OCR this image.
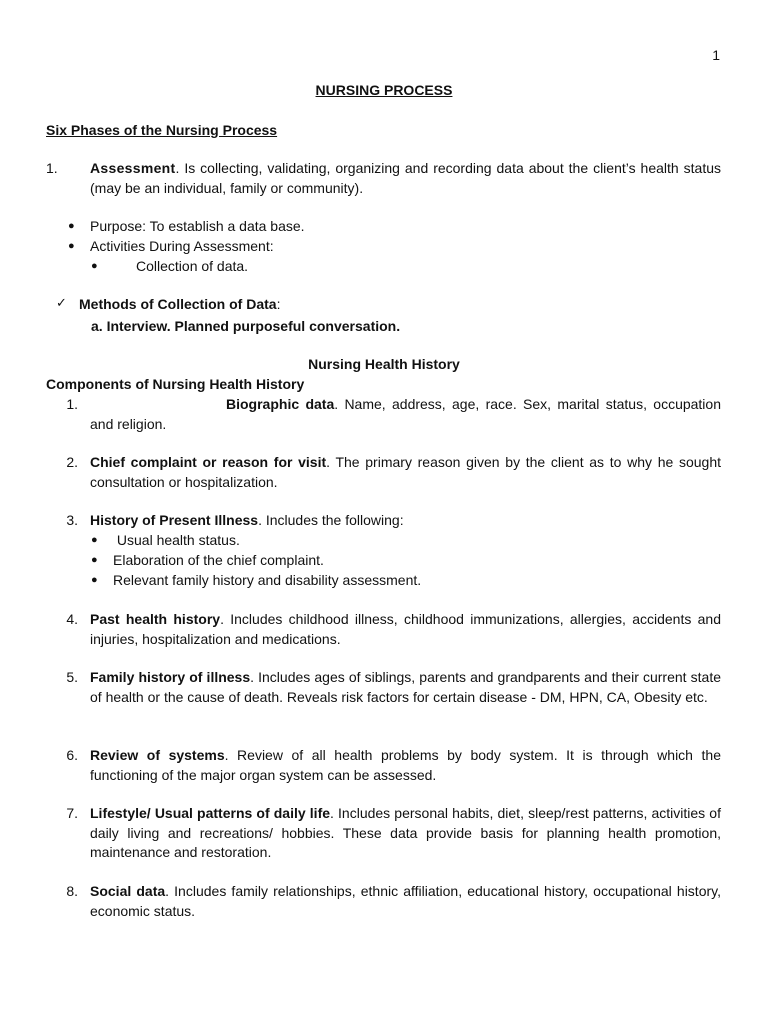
1
NURSING PROCESS
Six Phases of the Nursing Process
1.	Assessment. Is collecting, validating, organizing and recording data about the client’s health status (may be an individual, family or community).
● Purpose: To establish a data base.
● Activities During Assessment:
●	Collection of data.
✓ Methods of Collection of Data:
a. Interview. Planned purposeful conversation.
Nursing Health History
Components of Nursing Health History
1.	Biographic data. Name, address, age, race. Sex, marital status, occupation and religion.
2. Chief complaint or reason for visit. The primary reason given by the client as to why he sought consultation or hospitalization.
3. History of Present Illness. Includes the following:
● Usual health status.
● Elaboration of the chief complaint.
● Relevant family history and disability assessment.
4. Past health history. Includes childhood illness, childhood immunizations, allergies, accidents and injuries, hospitalization and medications.
5. Family history of illness. Includes ages of siblings, parents and grandparents and their current state of health or the cause of death. Reveals risk factors for certain disease - DM, HPN, CA, Obesity etc.
6. Review of systems. Review of all health problems by body system. It is through which the functioning of the major organ system can be assessed.
7. Lifestyle/ Usual patterns of daily life. Includes personal habits, diet, sleep/rest patterns, activities of daily living and recreations/ hobbies. These data provide basis for planning health promotion, maintenance and restoration.
8. Social data. Includes family relationships, ethnic affiliation, educational history, occupational history, economic status.
